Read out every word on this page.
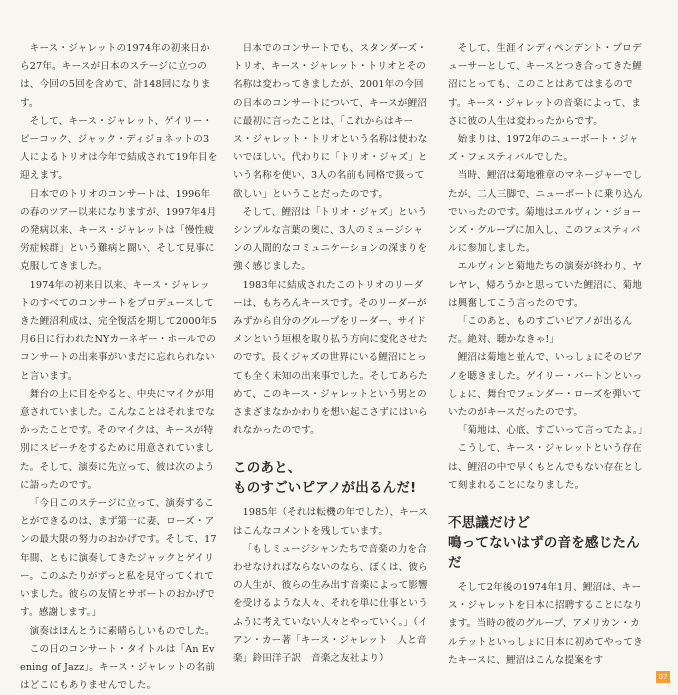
キース・ジャレットの1974年の初来日から27年。キースが日本のステージに立つのは、今回の5回を含めて、計148回になります。

そして、キース・ジャレット、ゲイリー・ピーコック、ジャック・ディジョネットの3人によるトリオは今年で結成されて19年目を迎えます。

日本でのトリオのコンサートは、1996年の春のツアー以来になりますが、1997年4月の発病以来、キース・ジャレットは「慢性疲労症候群」という難病と闘い、そして見事に克服してきました。

1974年の初来日以来、キース・ジャレットのすべてのコンサートをプロデュースしてきた鯉沼利成は、完全復活を期して2000年5月6日に行われたNYカーネギー・ホールでのコンサートの出来事がいまだに忘れられないと言います。

舞台の上に目をやると、中央にマイクが用意されていました。こんなことはそれまでなかったことです。そのマイクは、キースが特別にスピーチをするために用意されていました。そして、演奏に先立って、彼は次のように語ったのです。

「今日このステージに立って、演奏することができるのは、まず第一に妻、ローズ・アンの最大限の努力のおかげです。そして、17年間、ともに演奏してきたジャックとゲイリー。このふたりがずっと私を見守ってくれていました。彼らの友情とサポートのおかげです。感謝します。」

演奏はほんとうに素晴らしいものでした。

この日のコンサート・タイトルは「An Evening of Jazz」。キース・ジャレットの名前はどこにもありませんでした。

日本でのコンサートでも、スタンダーズ・トリオ、キース・ジャレット・トリオとその名称は変わってきましたが、2001年の今回の日本のコンサートについて、キースが鯉沼に最初に言ったことは、「これからはキース・ジャレット・トリオという名称は使わないでほしい。代わりに「トリオ・ジャズ」という名称を使い、3人の名前も同格で扱って欲しい」ということだったのです。

そして、鯉沼は「トリオ・ジャズ」というシンプルな言葉の奥に、3人のミュージシャンの人間的なコミュニケーションの深まりを強く感じました。

1983年に結成されたこのトリオのリーダーは、もちろんキースです。そのリーダーがみずから自分のグループをリーダー、サイドメンという垣根を取り払う方向に変化させたのです。長くジャズの世界にいる鯉沼にとっても全く未知の出来事でした。そしてあらためて、このキース・ジャレットという男とのさまざまなかかわりを想い起こさずにはいられなかったのです。

このあと、
ものすごいピアノが出るんだ!

1985年（それは転機の年でした）、キースはこんなコメントを残しています。

「もしミュージシャンたちで音楽の力を合わせなければならないのなら、ぼくは、彼らの人生が、彼らの生み出す音楽によって影響を受けるような人々、それを単に仕事というふうに考えていない人々とやっていく。」（イアン・カー著「キース・ジャレット　人と音楽」鈴田洋子訳　音楽之友社より）

そして、生涯インディペンデント・プロデューサーとして、キースとつき合ってきた鯉沼にとっても、このことはあてはまるのです。キース・ジャレットの音楽によって、まさに彼の人生は変わったからです。

始まりは、1972年のニューポート・ジャズ・フェスティバルでした。

当時、鯉沼は菊地雅章のマネージャーでしたが、二人三脚で、ニューポートに乗り込んでいったのです。菊地はエルヴィン・ジョーンズ・グループに加入し、このフェスティバルに参加しました。

エルヴィンと菊地たちの演奏が終わり、ヤレヤレ、帰ろうかと思っていた鯉沼に、菊地は興奮してこう言ったのです。

「このあと、ものすごいピアノが出るんだ。絶対、聴かなきゃ!」

鯉沼は菊地と並んで、いっしょにそのピアノを聴きました。ゲイリー・バートンといっしょに、舞台でフェンダー・ローズを弾いていたのがキースだったのです。

「菊地は、心底、すごいって言ってたよ。」

こうして、キース・ジャレットという存在は、鯉沼の中で早くもとんでもない存在として刻まれることになりました。

不思議だけど
鳴ってないはずの音を感じたんだ

そして2年後の1974年1月、鯉沼は、キース・ジャレットを日本に招聘することになります。当時の彼のグループ、アメリカン・カルテットといっしょに日本に初めてやってきたキースに、鯉沼はこんな提案をす

07
